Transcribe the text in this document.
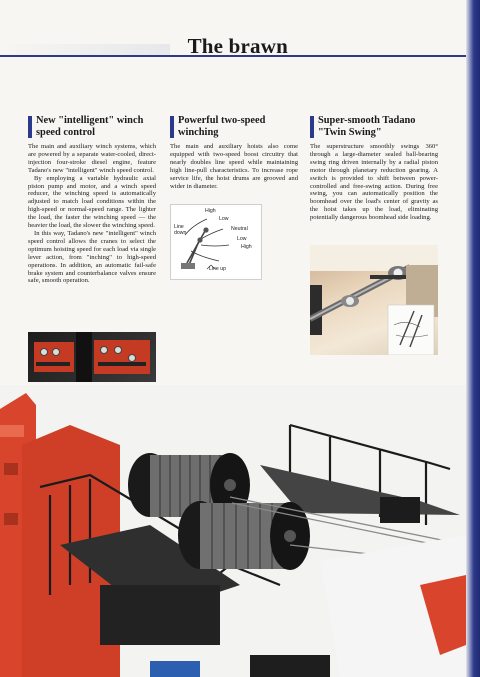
The brawn
New "intelligent" winch speed control

The main and auxiliary winch systems, which are powered by a separate water-cooled, direct-injection four-stroke diesel engine, feature Tadano's new "intelligent" winch speed control.

By employing a variable hydraulic axial piston pump and motor, and a winch speed reducer, the winching speed is automatically adjusted to match load conditions within the high-speed or normal-speed range. The lighter the load, the faster the winching speed — the heavier the load, the slower the winching speed.

In this way, Tadano's new "intelligent" winch speed control allows the cranes to select the optimum hoisting speed for each load via single lever action, from "inching" to high-speed operations. In addition, an automatic fail-safe brake system and counterbalance valves ensure safe, smooth operation.

Powerful two-speed winching

The main and auxiliary hoists also come equipped with two-speed boost circuitry that nearly doubles line speed while maintaining high line-pull characteristics. To increase rope service life, the hoist drums are grooved and wider in diameter.

Super-smooth Tadano "Twin Swing"

The superstructure smoothly swings 360° through a large-diameter sealed ball-bearing swing ring driven internally by a radial piston motor through planetary reduction gearing. A switch is provided to shift between power-controlled and free-swing action. During free swing, you can automatically position the boomhead over the load's center of gravity as the hoist takes up the load, eliminating potentially dangerous boomhead side loading.

High
Low
Neutral
Line down
Low
High
Line up
